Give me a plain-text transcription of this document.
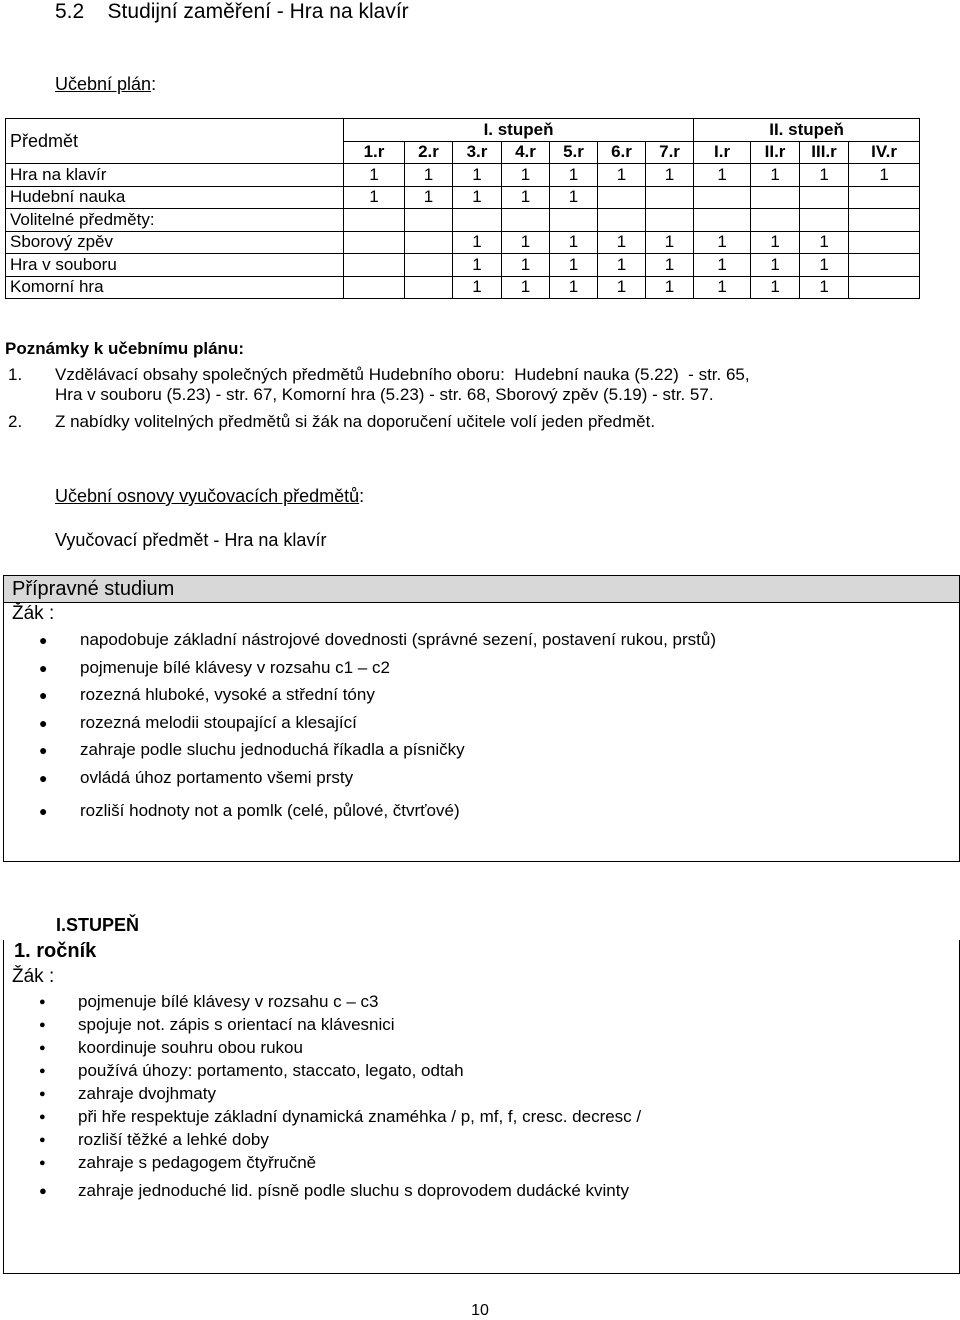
5.2 Studijní zaměření - Hra na klavír
Učební plán:
Předmět	I. stupeň							II. stupeň			
	1.r	2.r	3.r	4.r	5.r	6.r	7.r	I.r	II.r	III.r	IV.r
Hra na klavír	1	1	1	1	1	1	1	1	1	1	1
Hudební nauka	1	1	1	1	1						
Volitelné předměty:											
Sborový zpěv			1	1	1	1	1	1	1	1	
Hra v souboru			1	1	1	1	1	1	1	1	
Komorní hra			1	1	1	1	1	1	1	1	
Poznámky k učebnímu plánu:
1. Vzdělávací obsahy společných předmětů Hudebního oboru:  Hudební nauka (5.22)  - str. 65,
Hra v souboru (5.23) - str. 67, Komorní hra (5.23) - str. 68, Sborový zpěv (5.19) - str. 57.
2. Z nabídky volitelných předmětů si žák na doporučení učitele volí jeden předmět.
Učební osnovy vyučovacích předmětů:
Vyučovací předmět - Hra na klavír
Přípravné studium
Žák :
● napodobuje základní nástrojové dovednosti (správné sezení, postavení rukou, prstů)
● pojmenuje bílé klávesy v rozsahu c1 – c2
● rozezná hluboké, vysoké a střední tóny
● rozezná melodii stoupající a klesající
● zahraje podle sluchu jednoduchá říkadla a písničky
● ovládá úhoz portamento všemi prsty
● rozliší hodnoty not a pomlk (celé, půlové, čtvrťové)
I.STUPEŇ
1. ročník
Žák :
● pojmenuje bílé klávesy v rozsahu c – c3
● spojuje not. zápis s orientací na klávesnici
● koordinuje souhru obou rukou
● používá úhozy: portamento, staccato, legato, odtah
● zahraje dvojhmaty
● při hře respektuje základní dynamická znaméhka / p, mf, f, cresc. decresc /
● rozliší těžké a lehké doby
● zahraje s pedagogem čtyřručně
● zahraje jednoduché lid. písně podle sluchu s doprovodem dudácké kvinty
10
